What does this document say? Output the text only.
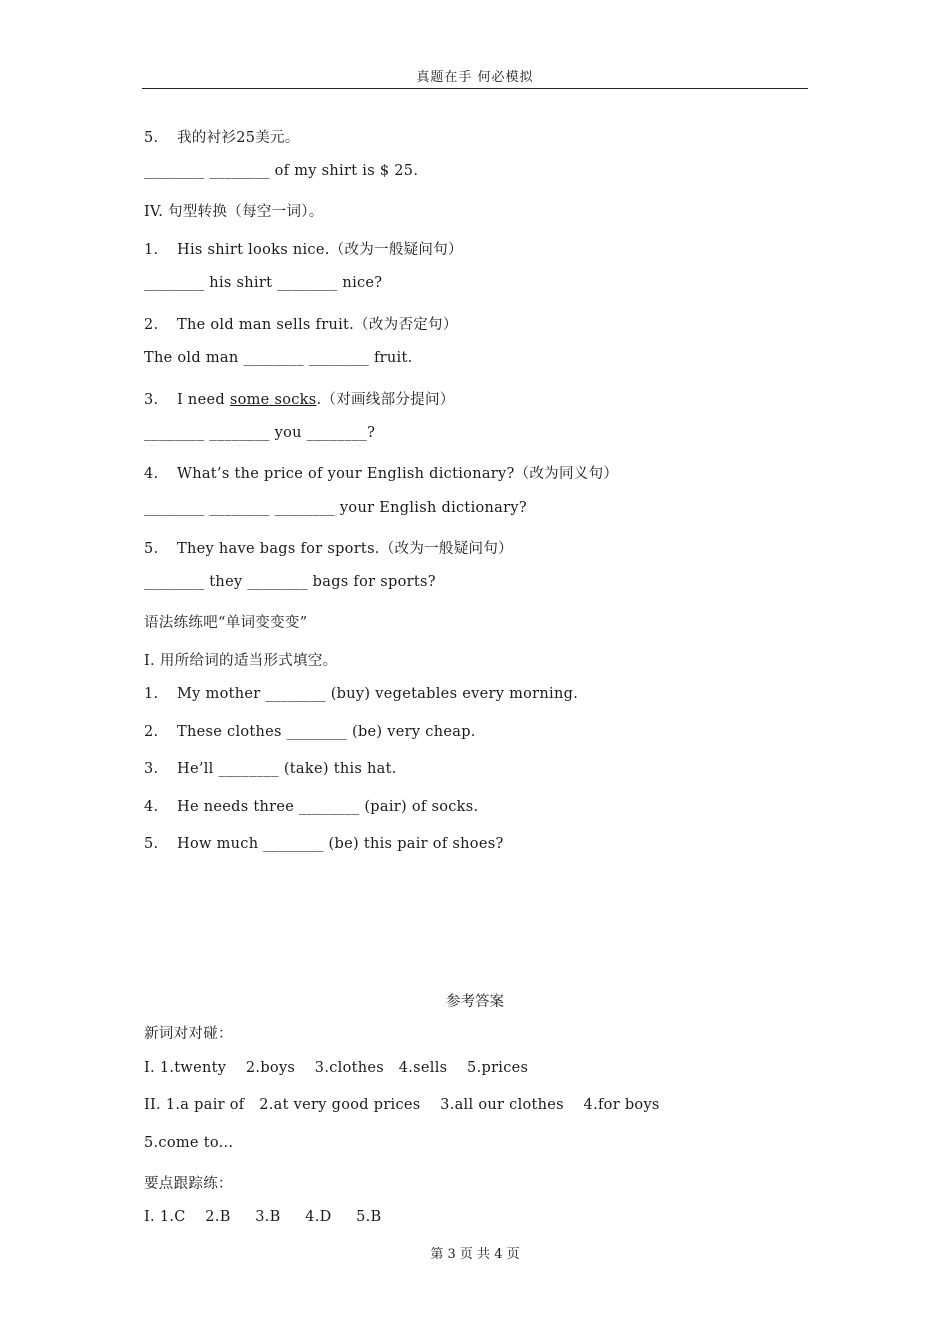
真题在手 何必模拟
5. 我的衬衫25美元。
________ ________ of my shirt is $ 25.
IV. 句型转换（每空一词）。
1. His shirt looks nice.（改为一般疑问句）
________ his shirt ________ nice?
2. The old man sells fruit.（改为否定句）
The old man ________ ________ fruit.
3. I need some socks.（对画线部分提问）
________ ________ you ________?
4. What’s the price of your English dictionary?（改为同义句）
________ ________ ________ your English dictionary?
5. They have bags for sports.（改为一般疑问句）
________ they ________ bags for sports?
语法练练吧“单词变变变”
I. 用所给词的适当形式填空。
1. My mother ________ (buy) vegetables every morning.
2. These clothes ________ (be) very cheap.
3. He’ll ________ (take) this hat.
4. He needs three ________ (pair) of socks.
5. How much ________ (be) this pair of shoes?
参考答案
新词对对碰：
I. 1.twenty    2.boys    3.clothes   4.sells    5.prices
II. 1.a pair of   2.at very good prices    3.all our clothes    4.for boys
5.come to...
要点跟踪练：
I. 1.C    2.B     3.B     4.D     5.B
第 3 页 共 4 页
